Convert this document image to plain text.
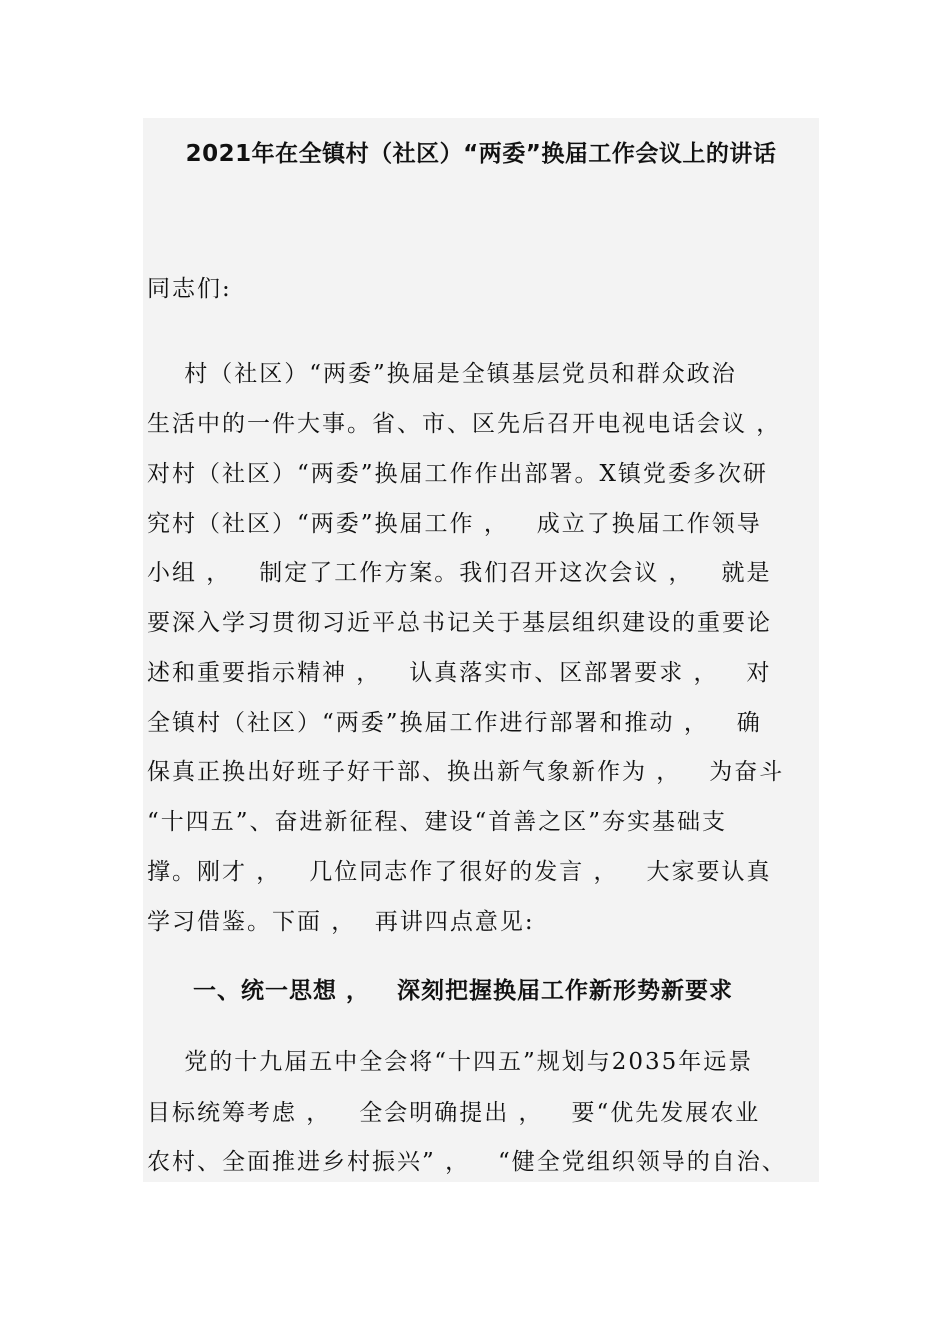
2021年在全镇村（社区）“两委”换届工作会议上的讲话
同志们:
村（社区）“两委”换届是全镇基层党员和群众政治
生活中的一件大事。省、市、区先后召开电视电话会议 ，
对村（社区）“两委”换届工作作出部署。X镇党委多次研
究村（社区）“两委”换届工作 ，   成立了换届工作领导
小组 ，   制定了工作方案。我们召开这次会议 ，   就是
要深入学习贯彻习近平总书记关于基层组织建设的重要论
述和重要指示精神 ，   认真落实市、区部署要求 ，   对
全镇村（社区）“两委”换届工作进行部署和推动 ，   确
保真正换出好班子好干部、换出新气象新作为 ，   为奋斗
“十四五”、奋进新征程、建设“首善之区”夯实基础支
撑。刚才 ，   几位同志作了很好的发言 ，   大家要认真
学习借鉴。下面 ，  再讲四点意见:
一、统一思想 ，   深刻把握换届工作新形势新要求
党的十九届五中全会将“十四五”规划与2035年远景
目标统筹考虑 ，   全会明确提出 ，   要“优先发展农业
农村、全面推进乡村振兴” ，   “健全党组织领导的自治、
